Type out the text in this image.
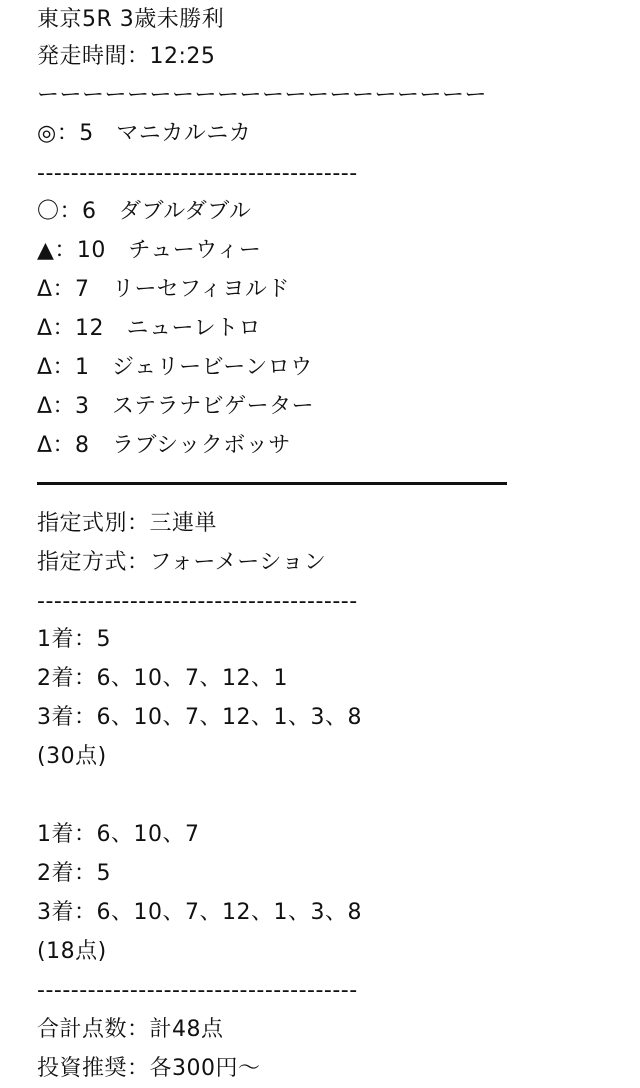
東京5R 3歳未勝利
発走時間：12:25
ーーーーーーーーーーーーーーーーーーーー
◎：5　マニカルニカ
--------------------------------------
〇：6　ダブルダブル
▲：10　チューウィー
Δ：7　リーセフィヨルド
Δ：12　ニューレトロ
Δ：1　ジェリービーンロウ
Δ：3　ステラナビゲーター
Δ：8　ラブシックボッサ
指定式別：三連単
指定方式：フォーメーション
--------------------------------------
1着：5
2着：6、10、7、12、1
3着：6、10、7、12、1、3、8
(30点)
1着：6、10、7
2着：5
3着：6、10、7、12、1、3、8
(18点)
--------------------------------------
合計点数：計48点
投資推奨：各300円〜
